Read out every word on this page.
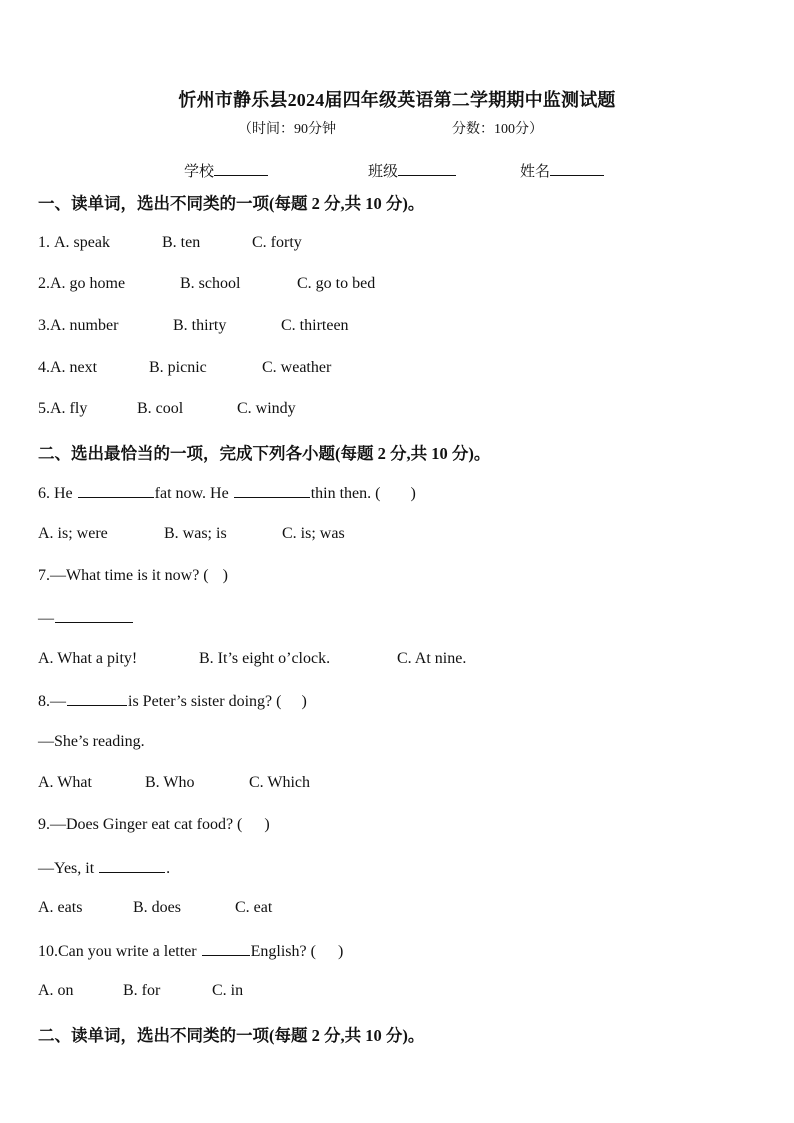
忻州市静乐县2024届四年级英语第二学期期中监测试题
（时间：90分钟	分数：100分）
学校	班级	姓名
一、读单词，选出不同类的一项(每题 2 分,共 10 分)。
1. A. speak	B. ten	C. forty
2.A. go home	B. school	C. go to bed
3.A. number	B. thirty	C. thirteen
4.A. next	B. picnic	C. weather
5.A. fly	B. cool	C. windy
二、选出最恰当的一项，完成下列各小题(每题 2 分,共 10 分)。
6. He	fat now. He	thin then. ( )
A. is; were	B. was; is	C. is; was
7.—What time is it now? ( )
—
A. What a pity!	B. It’s eight o’clock.	C. At nine.
8.—	is Peter’s sister doing? ( )
—She’s reading.
A. What	B. Who	C. Which
9.—Does Ginger eat cat food? ( )
—Yes, it	.
A. eats	B. does	C. eat
10.Can you write a letter	English? ( )
A. on	B. for	C. in
二、读单词，选出不同类的一项(每题 2 分,共 10 分)。
